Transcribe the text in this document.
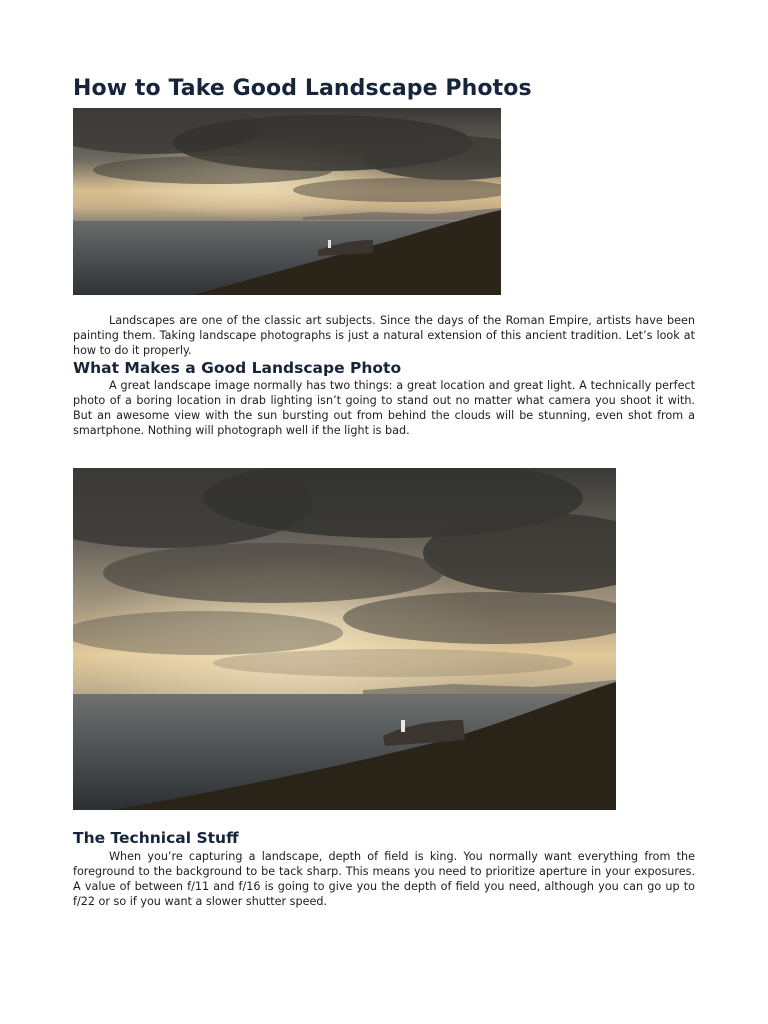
How to Take Good Landscape Photos

Landscapes are one of the classic art subjects. Since the days of the Roman Empire, artists have been painting them. Taking landscape photographs is just a natural extension of this ancient tradition. Let’s look at how to do it properly.

What Makes a Good Landscape Photo

A great landscape image normally has two things: a great location and great light. A technically perfect photo of a boring location in drab lighting isn’t going to stand out no matter what camera you shoot it with. But an awesome view with the sun bursting out from behind the clouds will be stunning, even shot from a smartphone. Nothing will photograph well if the light is bad.

The Technical Stuff

When you’re capturing a landscape, depth of field is king. You normally want everything from the foreground to the background to be tack sharp. This means you need to prioritize aperture in your exposures. A value of between f/11 and f/16 is going to give you the depth of field you need, although you can go up to f/22 or so if you want a slower shutter speed.
